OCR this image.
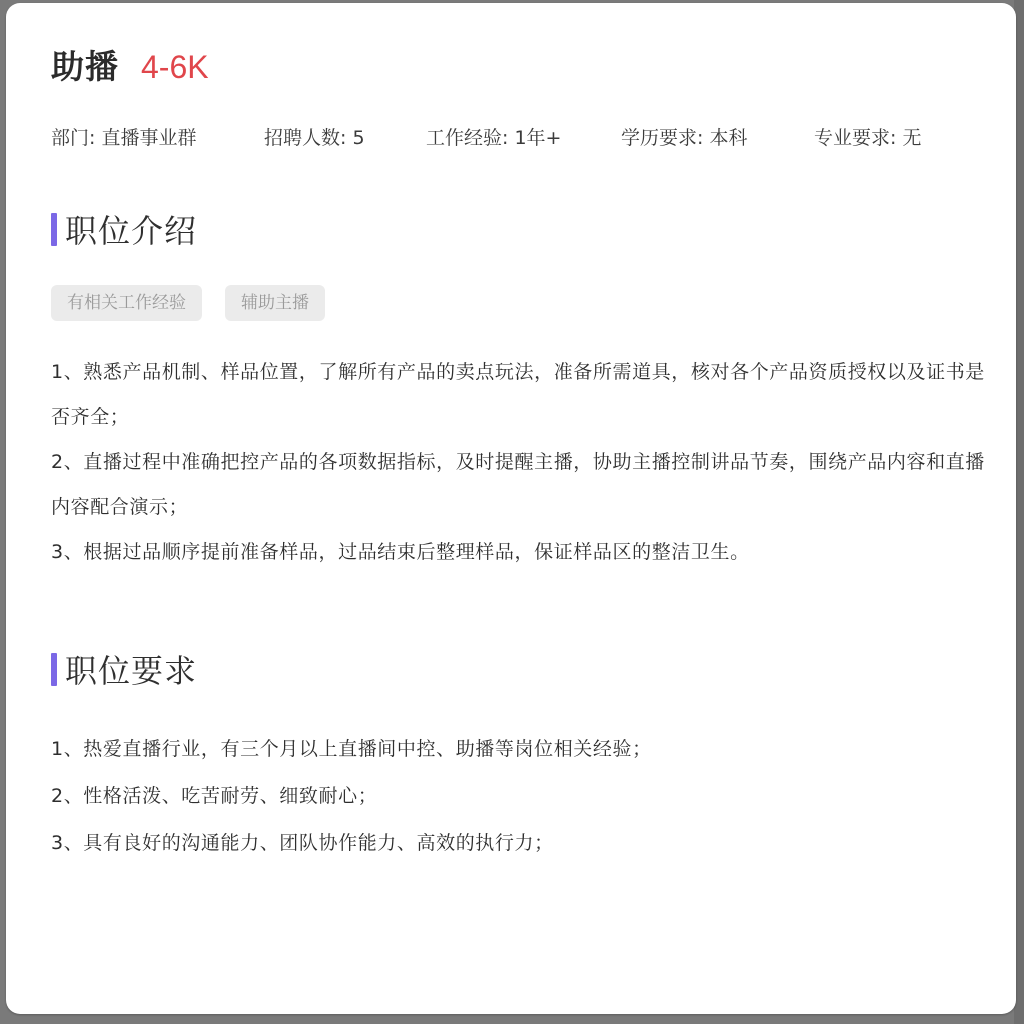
助播 4-6K
部门: 直播事业群	招聘人数: 5	工作经验: 1年+	学历要求: 本科	专业要求: 无
职位介绍
有相关工作经验	辅助主播

1、熟悉产品机制、样品位置，了解所有产品的卖点玩法，准备所需道具，核对各个产品资质授权以及证书是否齐全；

2、直播过程中准确把控产品的各项数据指标，及时提醒主播，协助主播控制讲品节奏，围绕产品内容和直播内容配合演示；

3、根据过品顺序提前准备样品，过品结束后整理样品，保证样品区的整洁卫生。

职位要求

1、热爱直播行业，有三个月以上直播间中控、助播等岗位相关经验；

2、性格活泼、吃苦耐劳、细致耐心；

3、具有良好的沟通能力、团队协作能力、高效的执行力；
